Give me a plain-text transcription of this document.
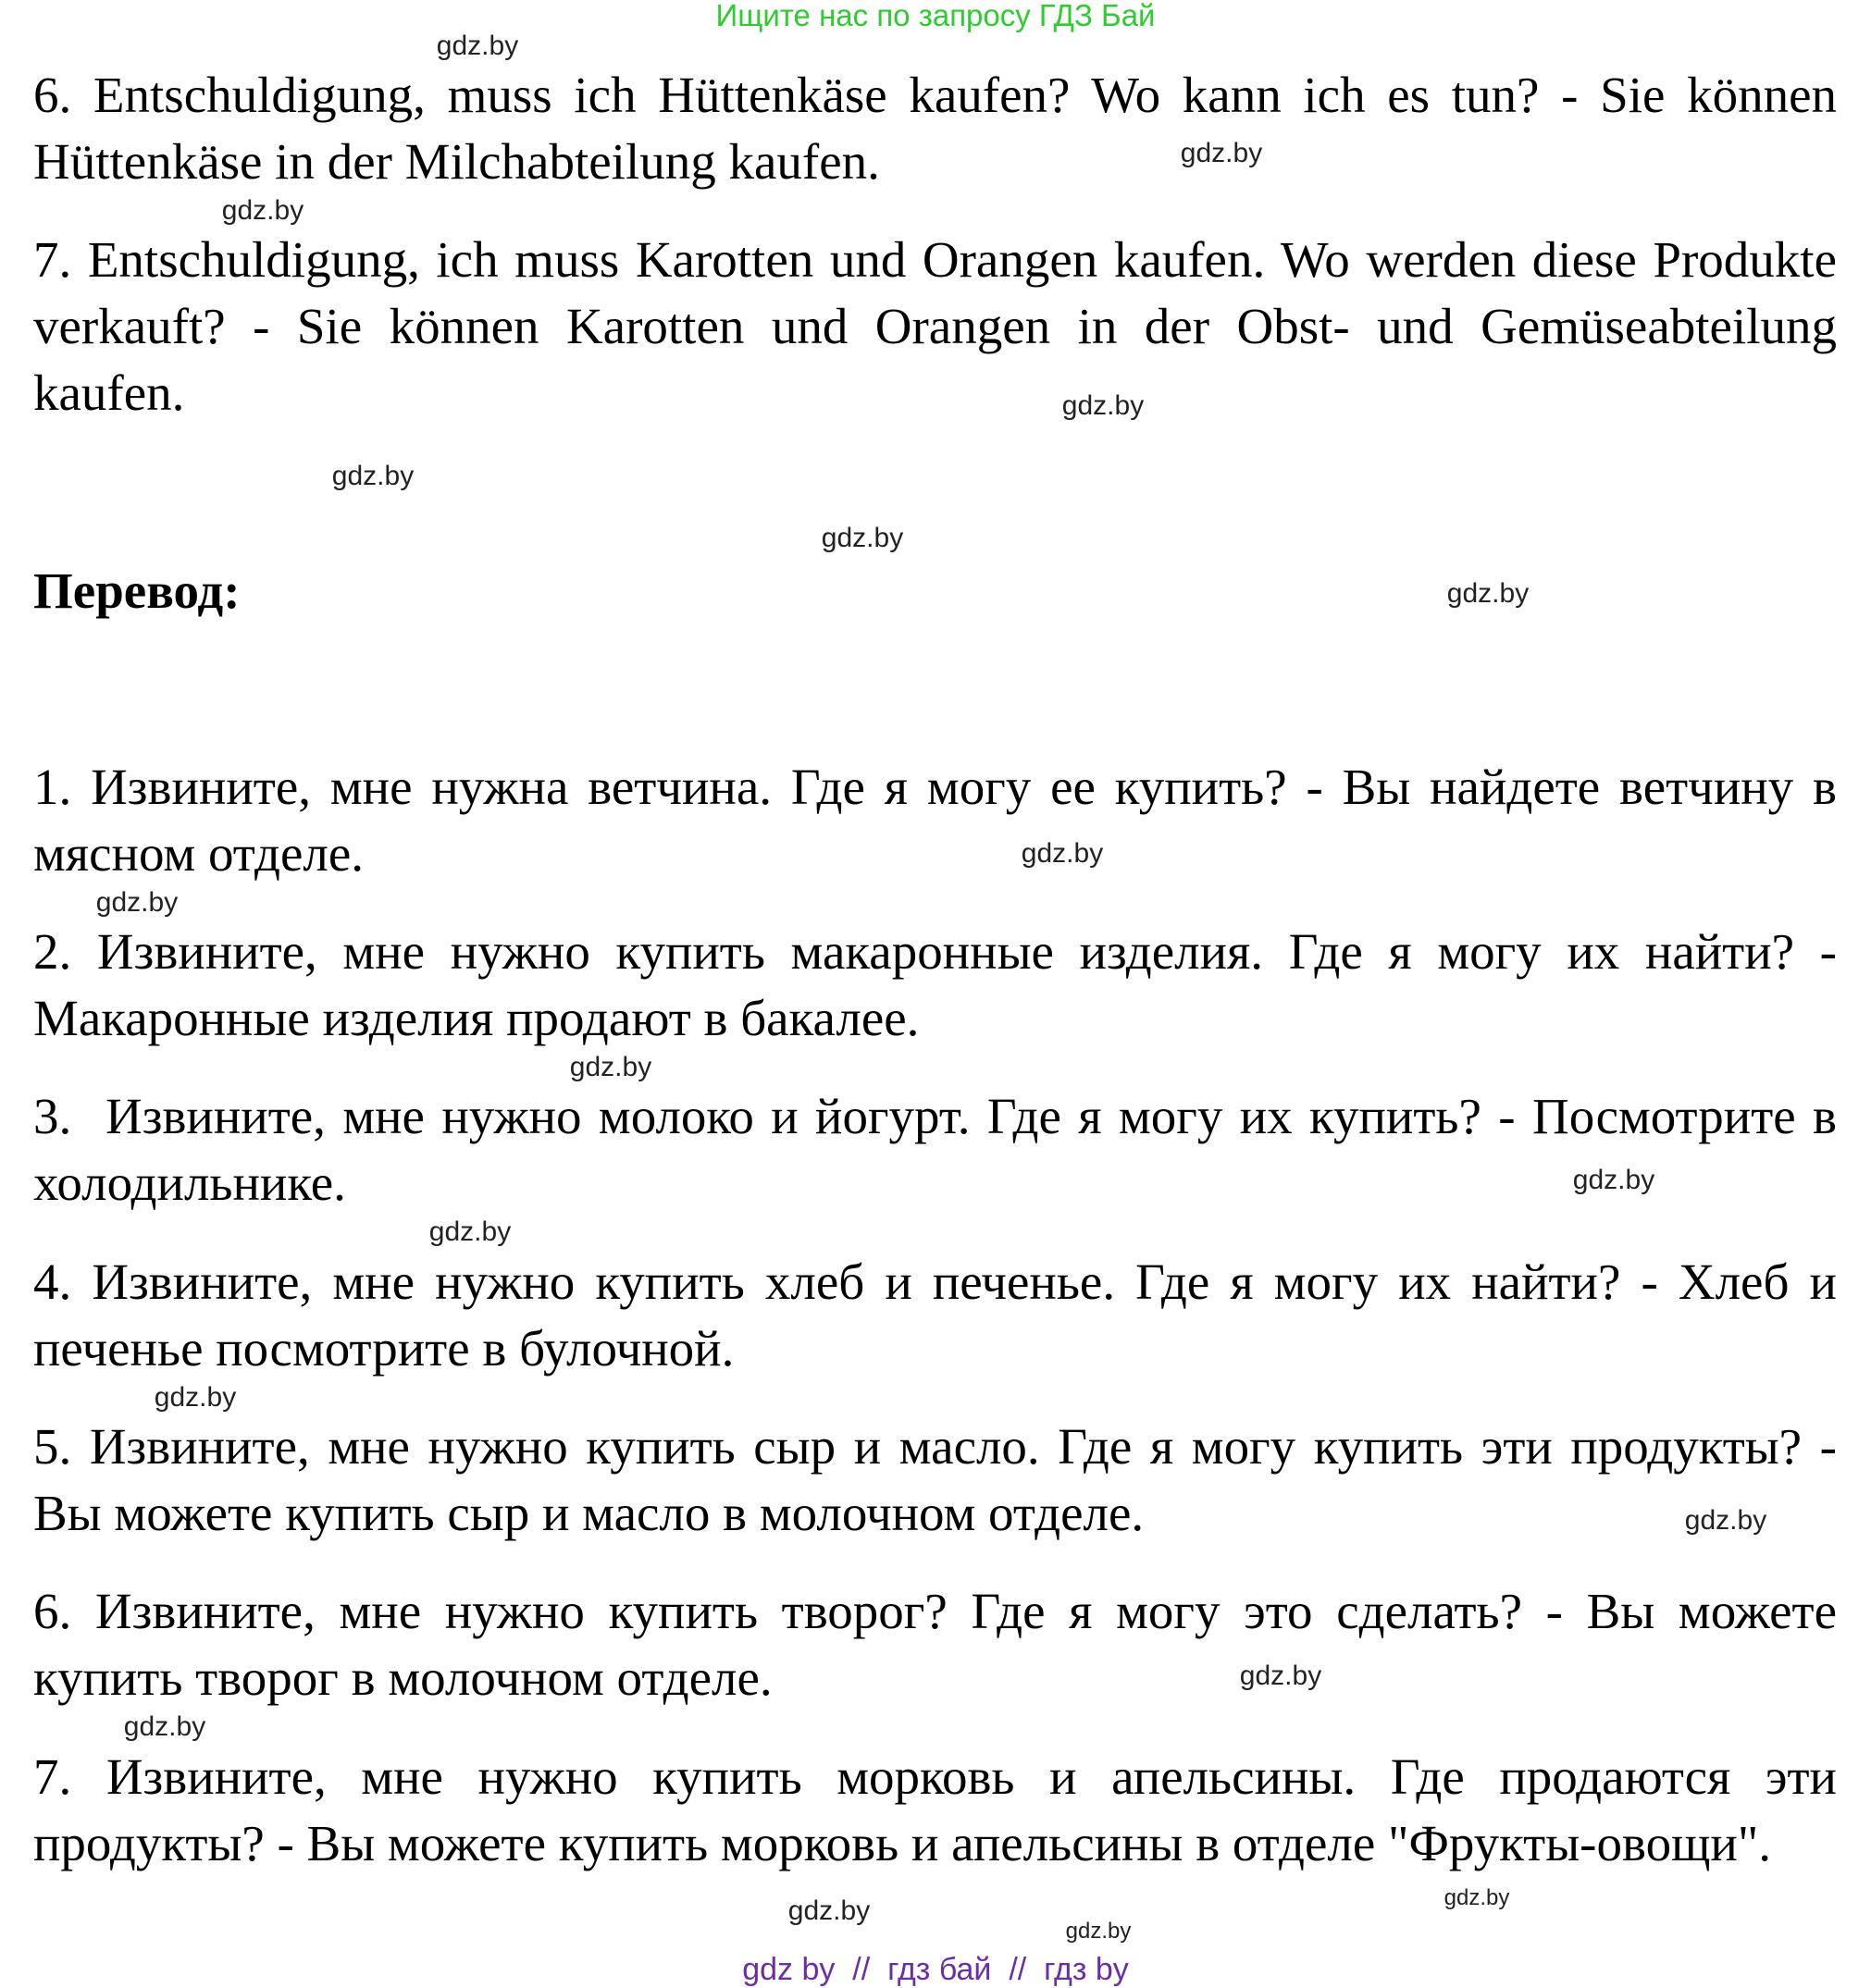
Ищите нас по запросу ГДЗ Бай

6. Entschuldigung, muss ich Hüttenkäse kaufen? Wo kann ich es tun? - Sie können Hüttenkäse in der Milchabteilung kaufen.

7. Entschuldigung, ich muss Karotten und Orangen kaufen. Wo werden diese Produkte verkauft? - Sie können Karotten und Orangen in der Obst- und Gemüseabteilung kaufen.

Перевод:

1. Извините, мне нужна ветчина. Где я могу ее купить? - Вы найдете ветчину в мясном отделе.

2. Извините, мне нужно купить макаронные изделия. Где я могу их найти? - Макаронные изделия продают в бакалее.

3.  Извините, мне нужно молоко и йогурт. Где я могу их купить? - Посмотрите в холодильнике.

4. Извините, мне нужно купить хлеб и печенье. Где я могу их найти? - Хлеб и печенье посмотрите в булочной.

5. Извините, мне нужно купить сыр и масло. Где я могу купить эти продукты? - Вы можете купить сыр и масло в молочном отделе.

6. Извините, мне нужно купить творог? Где я могу это сделать? - Вы можете купить творог в молочном отделе.

7. Извините, мне нужно купить морковь и апельсины. Где продаются эти продукты? - Вы можете купить морковь и апельсины в отделе "Фрукты-овощи".

gdz.by
gdz.by
gdz.by
gdz.by
gdz.by
gdz.by
gdz.by
gdz.by
gdz.by
gdz.by
gdz.by
gdz.by
gdz.by
gdz.by
gdz.by
gdz.by
gdz.by
gdz.by
gdz.by
gdz by  //  гдз бай  //  гдз by
